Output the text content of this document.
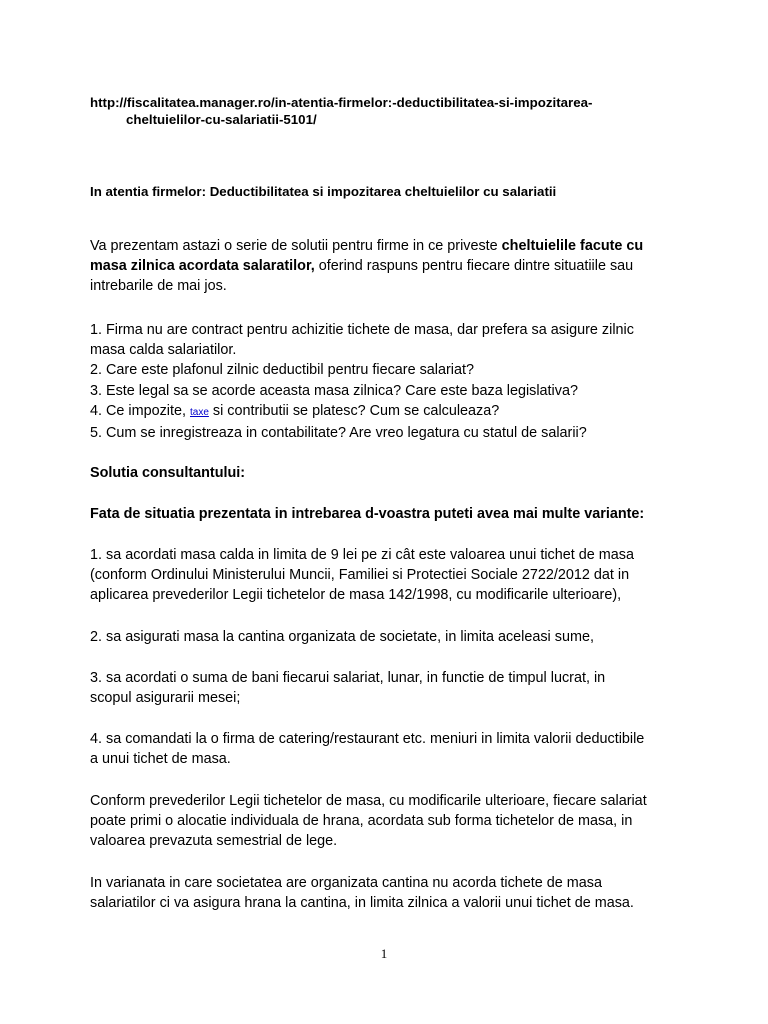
http://fiscalitatea.manager.ro/in-atentia-firmelor:-deductibilitatea-si-impozitarea-
cheltuielilor-cu-salariatii-5101/
In atentia firmelor: Deductibilitatea si impozitarea cheltuielilor cu salariatii
Va prezentam astazi o serie de solutii pentru firme in ce priveste cheltuielile facute cu
masa zilnica acordata salaratilor, oferind raspuns pentru fiecare dintre situatiile sau
intrebarile de mai jos.
1. Firma nu are contract pentru achizitie tichete de masa, dar prefera sa asigure zilnic
masa calda salariatilor.
2. Care este plafonul zilnic deductibil pentru fiecare salariat?
3. Este legal sa se acorde aceasta masa zilnica? Care este baza legislativa?
4. Ce impozite, taxe si contributii se platesc? Cum se calculeaza?
5. Cum se inregistreaza in contabilitate? Are vreo legatura cu statul de salarii?
Solutia consultantului:
Fata de situatia prezentata in intrebarea d-voastra puteti avea mai multe variante:
1. sa acordati masa calda in limita de 9 lei pe zi cât este valoarea unui tichet de masa
(conform Ordinului Ministerului Muncii, Familiei si Protectiei Sociale 2722/2012 dat in
aplicarea prevederilor Legii tichetelor de masa 142/1998, cu modificarile ulterioare),
2. sa asigurati masa la cantina organizata de societate, in limita aceleasi sume,
3. sa acordati o suma de bani fiecarui salariat, lunar, in functie de timpul lucrat, in
scopul asigurarii mesei;
4. sa comandati la o firma de catering/restaurant etc. meniuri in limita valorii deductibile
a unui tichet de masa.
Conform prevederilor Legii tichetelor de masa, cu modificarile ulterioare, fiecare salariat
poate primi o alocatie individuala de hrana, acordata sub forma tichetelor de masa, in
valoarea prevazuta semestrial de lege.
In varianata in care societatea are organizata cantina nu acorda tichete de masa
salariatilor ci va asigura hrana la cantina, in limita zilnica a valorii unui tichet de masa.
1
